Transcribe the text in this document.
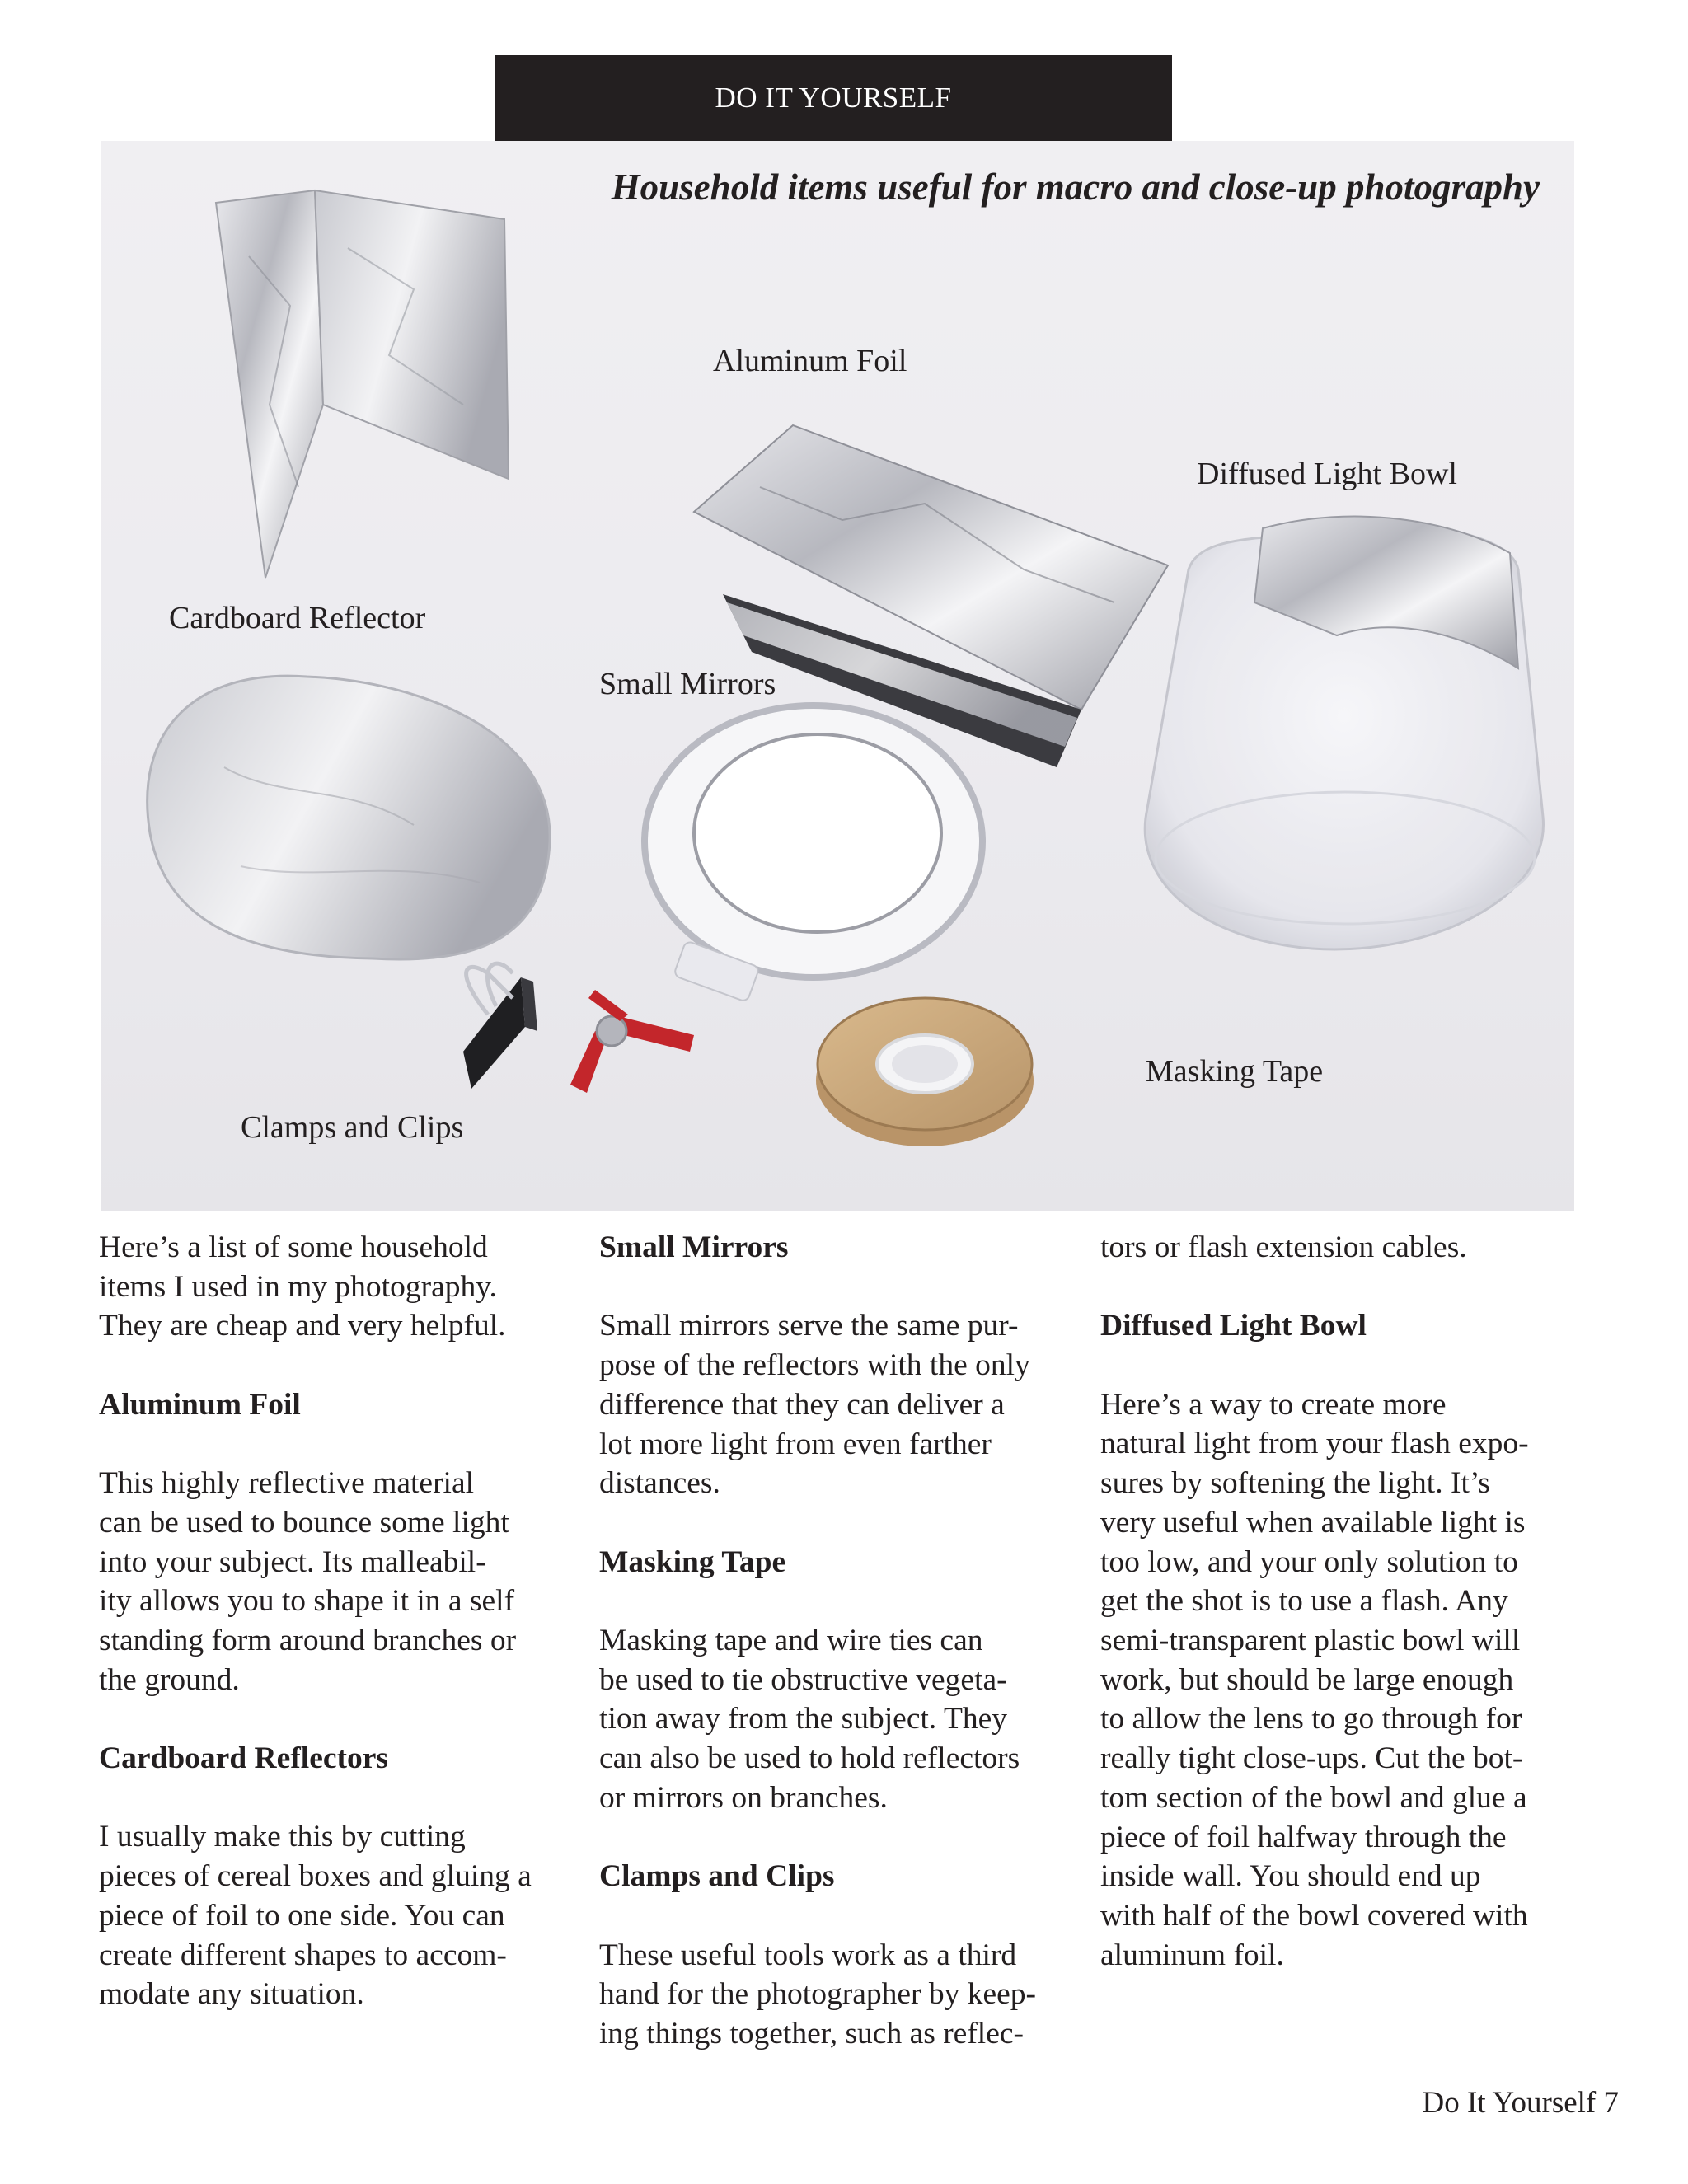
DO IT YOURSELF
Household items useful for macro and close-up photography
Aluminum Foil
Diffused Light Bowl
Cardboard Reflector
Small Mirrors
Masking Tape
Clamps and Clips

Here’s a list of some household

items I used in my photography.

They are cheap and very helpful.

Aluminum Foil

This highly reflective material

can be used to bounce some light

into your subject. Its malleabil-

ity allows you to shape it in a self

standing form around branches or

the ground.

Cardboard Reflectors

I usually make this by cutting

pieces of cereal boxes and gluing a

piece of foil to one side. You can

create different shapes to accom-

modate any situation.

Small Mirrors

Small mirrors serve the same pur-

pose of the reflectors with the only

difference that they can deliver a

lot more light from even farther

distances.

Masking Tape

Masking tape and wire ties can

be used to tie obstructive vegeta-

tion away from the subject. They

can also be used to hold reflectors

or mirrors on branches.

Clamps and Clips

These useful tools work as a third

hand for the photographer by keep-

ing things together, such as reflec-

tors or flash extension cables.

Diffused Light Bowl

Here’s a way to create more

natural light from your flash expo-

sures by softening the light. It’s

very useful when available light is

too low, and your only solution to

get the shot is to use a flash. Any

semi-transparent plastic bowl will

work, but should be large enough

to allow the lens to go through for

really tight close-ups. Cut the bot-

tom section of the bowl and glue a

piece of foil halfway through the

inside wall. You should end up

with half of the bowl covered with

aluminum foil.

Do It Yourself 7
